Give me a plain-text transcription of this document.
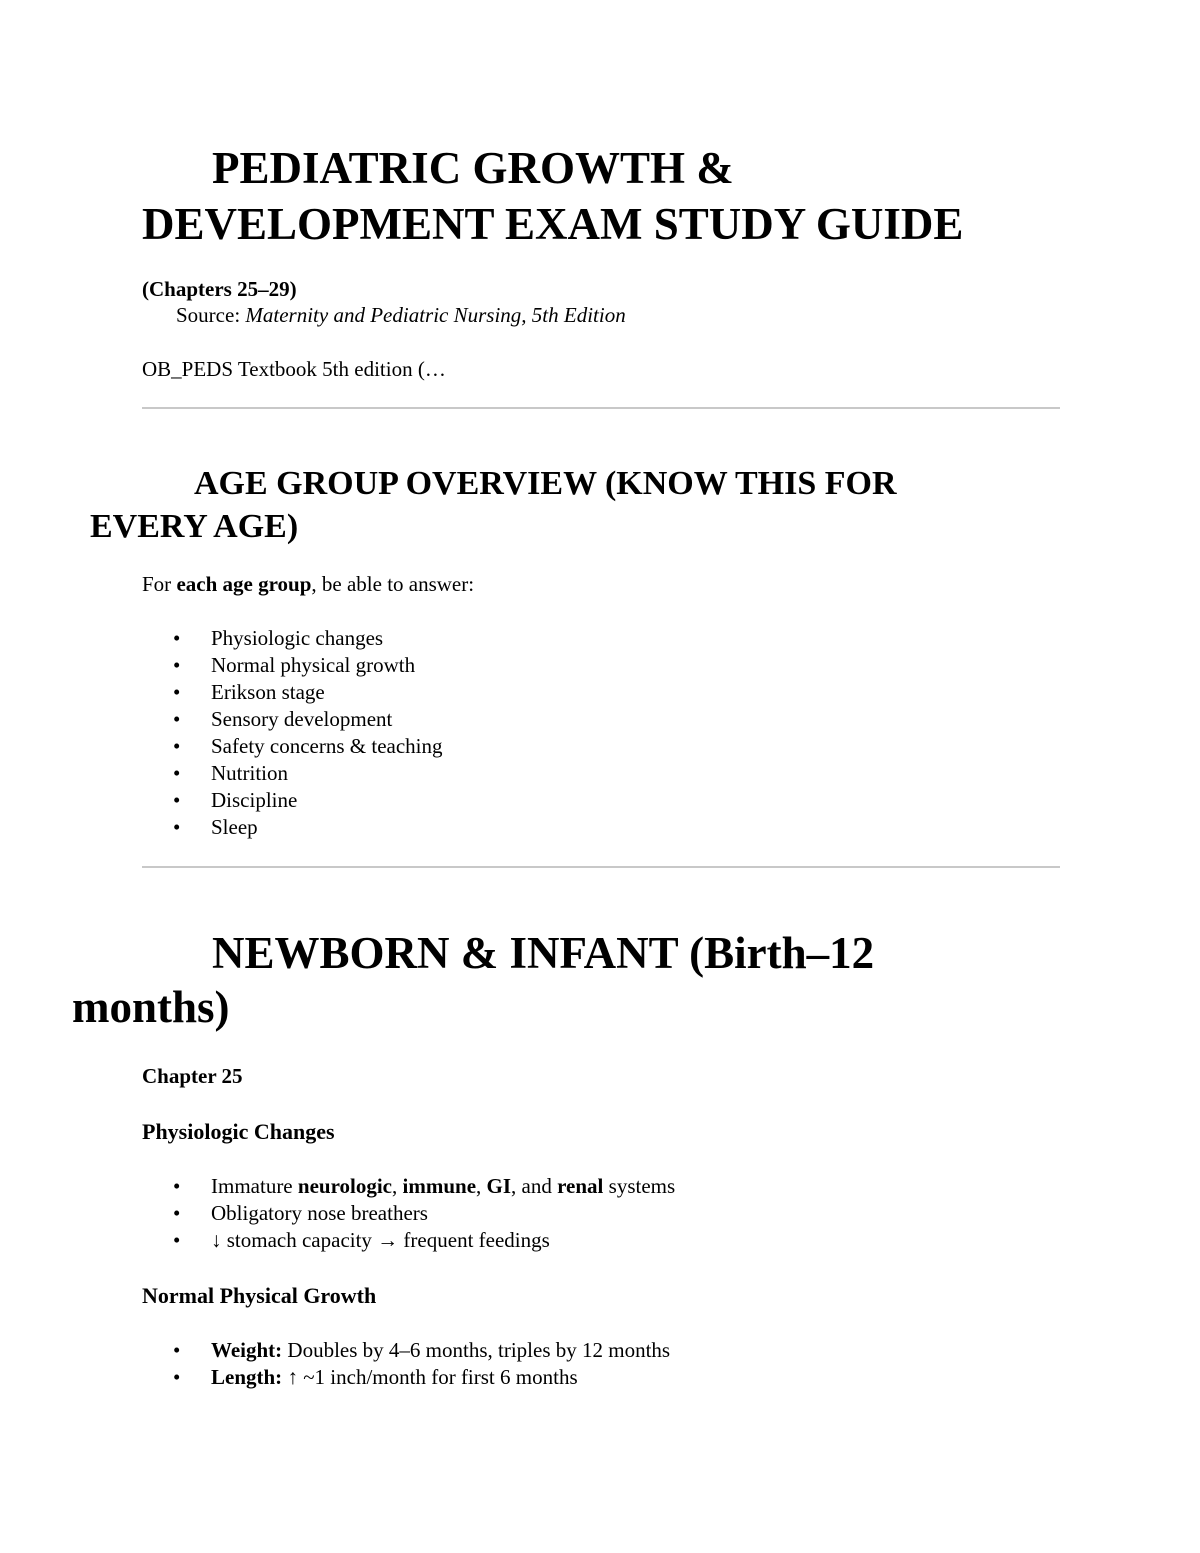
PEDIATRIC GROWTH &
DEVELOPMENT EXAM STUDY GUIDE
(Chapters 25–29)
Source: Maternity and Pediatric Nursing, 5th Edition

OB_PEDS Textbook 5th edition (…

AGE GROUP OVERVIEW (KNOW THIS FOR
EVERY AGE)

For each age group, be able to answer:

• Physiologic changes
• Normal physical growth
• Erikson stage
• Sensory development
• Safety concerns & teaching
• Nutrition
• Discipline
• Sleep
NEWBORN & INFANT (Birth–12
months)
Chapter 25
Physiologic Changes
• Immature neurologic, immune, GI, and renal systems
• Obligatory nose breathers
• ↓ stomach capacity → frequent feedings
Normal Physical Growth
• Weight: Doubles by 4–6 months, triples by 12 months
• Length: ↑ ~1 inch/month for first 6 months
